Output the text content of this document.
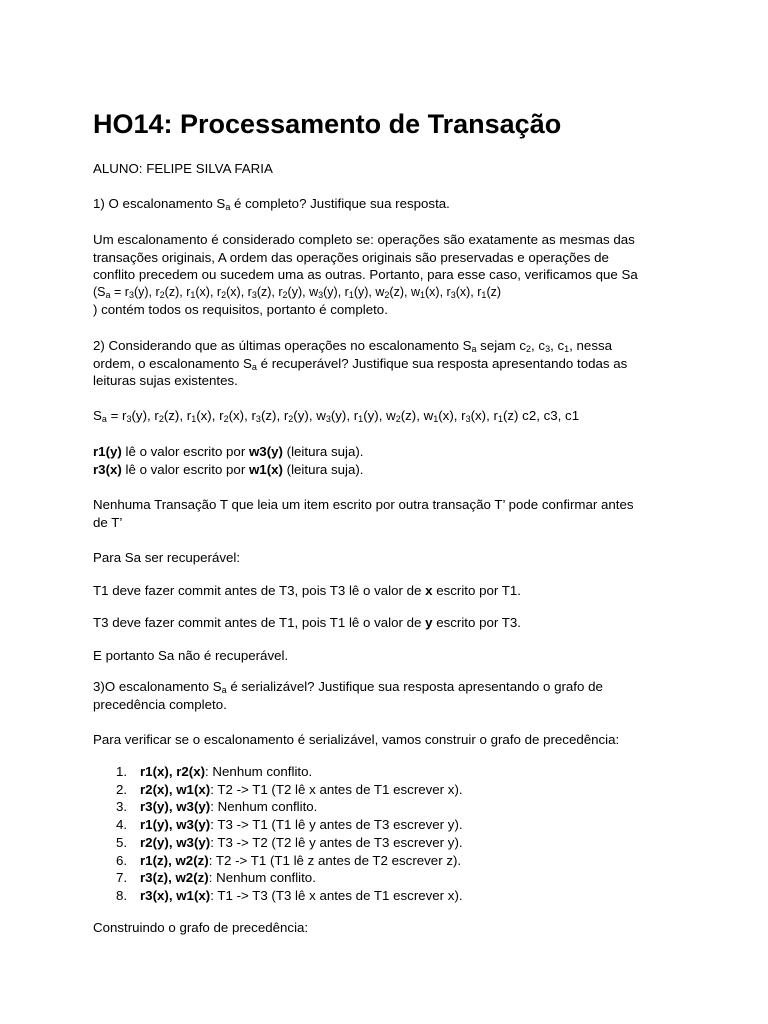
HO14: Processamento de Transação

ALUNO: FELIPE SILVA FARIA

1) O escalonamento $S_a$ é completo? Justifique sua resposta.

Um escalonamento é considerado completo se: operações são exatamente as mesmas das

transações originais, A ordem das operações originais são preservadas e operações de

conflito precedem ou sucedem uma as outras. Portanto, para esse caso, verificamos que Sa

($S_a = r_3(y)$, $r_2(z)$, $r_1(x)$, $r_2(x)$, $r_3(z)$, $r_2(y)$, $w_3(y)$, $r_1(y)$, $w_2(z)$, $w_1(x)$, $r_3(x)$, $r_1(z)$

) contém todos os requisitos, portanto é completo.

2) Considerando que as últimas operações no escalonamento $S_a$ sejam $c_2$, $c_3$, $c_1$, nessa

ordem, o escalonamento $S_a$ é recuperável? Justifique sua resposta apresentando todas as

leituras sujas existentes.

$S_a = r_3(y)$, $r_2(z)$, $r_1(x)$, $r_2(x)$, $r_3(z)$, $r_2(y)$, $w_3(y)$, $r_1(y)$, $w_2(z)$, $w_1(x)$, $r_3(x)$, $r_1(z)$ c2, c3, c1

r1(y) lê o valor escrito por w3(y) (leitura suja).

r3(x) lê o valor escrito por w1(x) (leitura suja).

Nenhuma Transação T que leia um item escrito por outra transação T’ pode confirmar antes

de T’

Para Sa ser recuperável:

T1 deve fazer commit antes de T3, pois T3 lê o valor de x escrito por T1.

T3 deve fazer commit antes de T1, pois T1 lê o valor de y escrito por T3.

E portanto Sa não é recuperável.

3)O escalonamento $S_a$ é serializável? Justifique sua resposta apresentando o grafo de

precedência completo.

Para verificar se o escalonamento é serializável, vamos construir o grafo de precedência:

1. r1(x), r2(x): Nenhum conflito.
2. r2(x), w1(x): T2 -> T1 (T2 lê x antes de T1 escrever x).
3. r3(y), w3(y): Nenhum conflito.
4. r1(y), w3(y): T3 -> T1 (T1 lê y antes de T3 escrever y).
5. r2(y), w3(y): T3 -> T2 (T2 lê y antes de T3 escrever y).
6. r1(z), w2(z): T2 -> T1 (T1 lê z antes de T2 escrever z).
7. r3(z), w2(z): Nenhum conflito.
8. r3(x), w1(x): T1 -> T3 (T3 lê x antes de T1 escrever x).

Construindo o grafo de precedência:
